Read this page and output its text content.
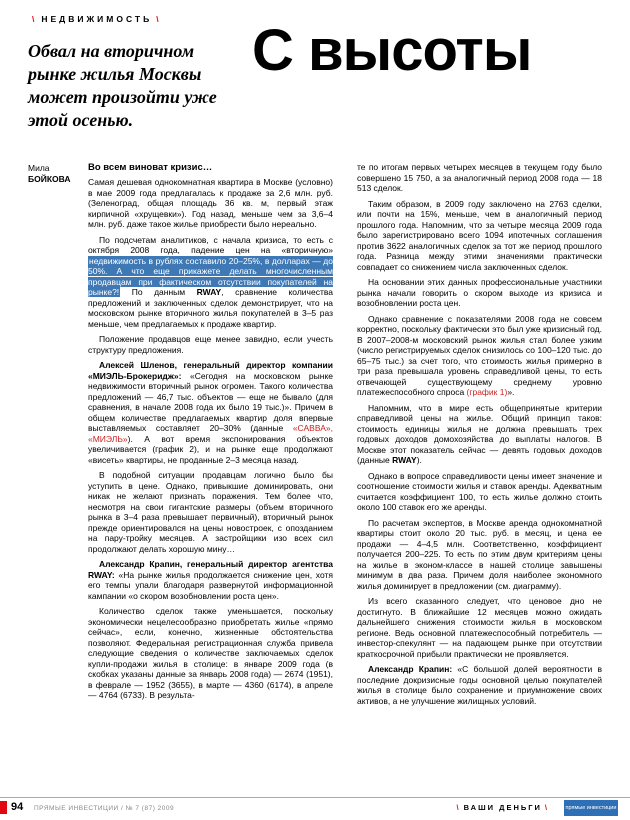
\ НЕДВИЖИМОСТЬ \ С высоты
Обвал на вторичном рынке жилья Москвы может произойти уже этой осенью.
Мила
БОЙКОВА
Во всем виноват кризис…

Самая дешевая однокомнатная квартира в Москве (условно) в мае 2009 года предлагалась к продаже за 2,6 млн. руб. (Зеленоград, общая площадь 36 кв. м, первый этаж кирпичной «хрущевки»). Год назад, меньше чем за 3,6–4 млн. руб. даже такое жилье приобрести было нереально.

По подсчетам аналитиков, с начала кризиса, то есть с октября 2008 года, падение цен на «вторичную» недвижимость в рублях составило 20–25%, в долларах — до 50%. А что еще прикажете делать многочисленным продавцам при фактическом отсутствии покупателей на рынке?! По данным RWAY, сравнение количества предложений и заключенных сделок демонстрирует, что на московском рынке вторичного жилья покупателей в 3–5 раз меньше, чем предлагаемых к продаже квартир.

Положение продавцов еще менее завидно, если учесть структуру предложения.

Алексей Шленов, генеральный директор компании «МИЭЛЬ-Брокеридж»: «Сегодня на московском рынке недвижимости вторичный рынок огромен. Такого количества предложений — 46,7 тыс. объектов — еще не бывало (для сравнения, в начале 2008 года их было 19 тыс.)». Причем в общем количестве предлагаемых квартир доля впервые выставляемых составляет 20–30% (данные «САВВА», «МИЭЛЬ»). А вот время экспонирования объектов увеличивается (график 2), и на рынке еще продолжают «висеть» квартиры, не проданные 2–3 месяца назад.

В подобной ситуации продавцам логично было бы уступить в цене. Однако, привыкшие доминировать, они никак не желают признать поражения. Тем более что, несмотря на свои гигантские размеры (объем вторичного рынка в 3–4 раза превышает первичный), вторичный рынок прежде ориентировался на цены новостроек, с опозданием на пару-тройку месяцев. А застройщики изо всех сил продолжают делать хорошую мину…

Александр Крапин, генеральный директор агентства RWAY: «На рынке жилья продолжается снижение цен, хотя его темпы упали благодаря развернутой информационной кампании «о скором возобновлении роста цен».

Количество сделок также уменьшается, поскольку экономически нецелесообразно приобретать жилье «прямо сейчас», если, конечно, жизненные обстоятельства позволяют. Федеральная регистрационная служба привела следующие сведения о количестве заключаемых сделок купли-продажи жилья в столице: в январе 2009 года (в скобках указаны данные за январь 2008 года) — 2674 (1951), в феврале — 1952 (3655), в марте — 4360 (6174), в апреле — 4764 (6733). В результа-

те по итогам первых четырех месяцев в текущем году было совершено 15 750, а за аналогичный период 2008 года — 18 513 сделок.

Таким образом, в 2009 году заключено на 2763 сделки, или почти на 15%, меньше, чем в аналогичный период прошлого года. Напомним, что за четыре месяца 2009 года было зарегистрировано всего 1094 ипотечных соглашения против 3622 аналогичных сделок за тот же период прошлого года. Разница между этими значениями практически совпадает со снижением числа заключенных сделок.

На основании этих данных профессиональные участники рынка начали говорить о скором выходе из кризиса и возобновлении роста цен.

Однако сравнение с показателями 2008 года не совсем корректно, поскольку фактически это был уже кризисный год. В 2007–2008-м московский рынок жилья стал более узким (число регистрируемых сделок снизилось со 100–120 тыс. до 65–75 тыс.) за счет того, что стоимость жилья примерно в три раза превышала уровень справедливой цены, то есть отвечающей существующему среднему уровню платежеспособного спроса (график 1)».

Напомним, что в мире есть общепринятые критерии справедливой цены на жилье. Общий принцип таков: стоимость единицы жилья не должна превышать трех годовых доходов домохозяйства до выплаты налогов. В Москве этот показатель сейчас — девять годовых доходов (данные RWAY).

Однако в вопросе справедливости цены имеет значение и соотношение стоимости жилья и ставок аренды. Адекватным считается коэффициент 100, то есть жилье должно стоить около 100 ставок его же аренды.

По расчетам экспертов, в Москве аренда однокомнатной квартиры стоит около 20 тыс. руб. в месяц, и цена ее продажи — 4–4,5 млн. Соответственно, коэффициент получается 200–225. То есть по этим двум критериям цены на жилье в эконом-классе в нашей столице завышены минимум в два раза. Причем доля наиболее экономного жилья доминирует в предложении (см. диаграмму).

Из всего сказанного следует, что ценовое дно не достигнуто. В ближайшие 12 месяцев можно ожидать дальнейшего снижения стоимости жилья в московском регионе. Ведь основной платежеспособный потребитель — инвестор-спекулянт — на падающем рынке при отсутствии краткосрочной прибыли практически не проявляется.

Александр Крапин: «С большой долей вероятности в последние докризисные годы основной целью покупателей жилья в столице было сохранение и приумножение своих активов, а не улучшение жилищных условий.

94 ПРЯМЫЕ ИНВЕСТИЦИИ / № 7 (87) 2009	\ ВАШИ ДЕНЬГИ \	прямые инвестиции
